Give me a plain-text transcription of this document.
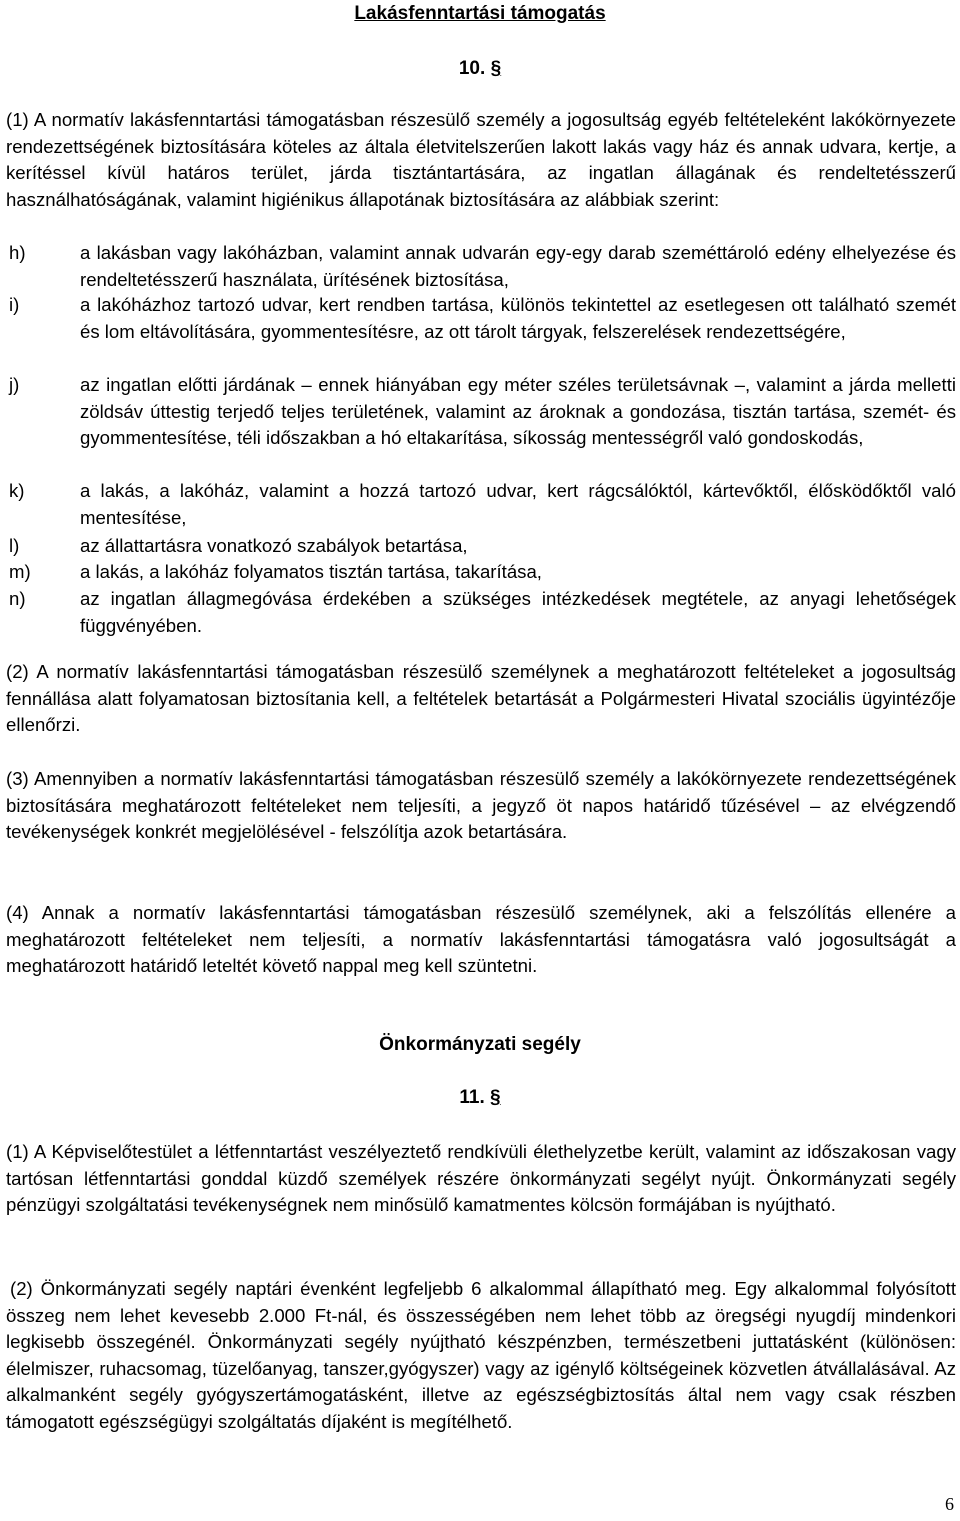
Lakásfenntartási támogatás
10. §
(1) A normatív lakásfenntartási támogatásban részesülő személy a jogosultság egyéb feltételeként lakókörnyezete rendezettségének biztosítására köteles az általa életvitelszerűen lakott lakás vagy ház és annak udvara, kertje, a kerítéssel kívül határos terület, járda tisztántartására, az ingatlan állagának és rendeltetésszerű használhatóságának, valamint higiénikus állapotának biztosítására az alábbiak szerint:
h)	a lakásban vagy lakóházban, valamint annak udvarán egy-egy darab szeméttároló edény elhelyezése és rendeltetésszerű használata, ürítésének biztosítása,
i)	a lakóházhoz tartozó udvar, kert rendben tartása, különös tekintettel az esetlegesen ott található szemét és lom eltávolítására, gyommentesítésre, az ott tárolt tárgyak, felszerelések rendezettségére,
j)	az ingatlan előtti járdának – ennek hiányában egy méter széles területsávnak –, valamint a járda melletti zöldsáv úttestig terjedő teljes területének, valamint az ároknak a gondozása, tisztán tartása, szemét- és gyommentesítése, téli időszakban a hó eltakarítása, síkosság mentességről való gondoskodás,
k)	a lakás, a lakóház, valamint a hozzá tartozó udvar, kert rágcsálóktól, kártevőktől, élősködőktől való mentesítése,
l)	az állattartásra vonatkozó szabályok betartása,
m)	a lakás, a lakóház folyamatos tisztán tartása, takarítása,
n)	az ingatlan állagmegóvása érdekében a szükséges intézkedések megtétele, az anyagi lehetőségek függvényében.
(2) A normatív lakásfenntartási támogatásban részesülő személynek a meghatározott feltételeket a jogosultság fennállása alatt folyamatosan biztosítania kell, a feltételek betartását a Polgármesteri Hivatal szociális ügyintézője ellenőrzi.
(3) Amennyiben a normatív lakásfenntartási támogatásban részesülő személy a lakókörnyezete rendezettségének biztosítására meghatározott feltételeket nem teljesíti, a jegyző öt napos határidő tűzésével – az elvégzendő tevékenységek konkrét megjelölésével - felszólítja azok betartására.
(4) Annak a normatív lakásfenntartási támogatásban részesülő személynek, aki a felszólítás ellenére a meghatározott feltételeket nem teljesíti, a normatív lakásfenntartási támogatásra való jogosultságát a meghatározott határidő leteltét követő nappal meg kell szüntetni.
Önkormányzati segély
11. §
(1) A Képviselőtestület a létfenntartást veszélyeztető rendkívüli élethelyzetbe került, valamint az időszakosan vagy tartósan létfenntartási gonddal küzdő személyek részére önkormányzati segélyt nyújt. Önkormányzati segély pénzügyi szolgáltatási tevékenységnek nem minősülő kamatmentes kölcsön formájában is nyújtható.
(2) Önkormányzati segély naptári évenként legfeljebb 6 alkalommal állapítható meg. Egy alkalommal folyósított összeg nem lehet kevesebb 2.000 Ft-nál, és összességében nem lehet több az öregségi nyugdíj mindenkori legkisebb összegénél. Önkormányzati segély nyújtható készpénzben, természetbeni juttatásként (különösen: élelmiszer, ruhacsomag, tüzelőanyag, tanszer,gyógyszer) vagy az igénylő költségeinek közvetlen átvállalásával. Az alkalmanként segély gyógyszertámogatásként, illetve az egészségbiztosítás által nem vagy csak részben támogatott egészségügyi szolgáltatás díjaként is megítélhető.
6
